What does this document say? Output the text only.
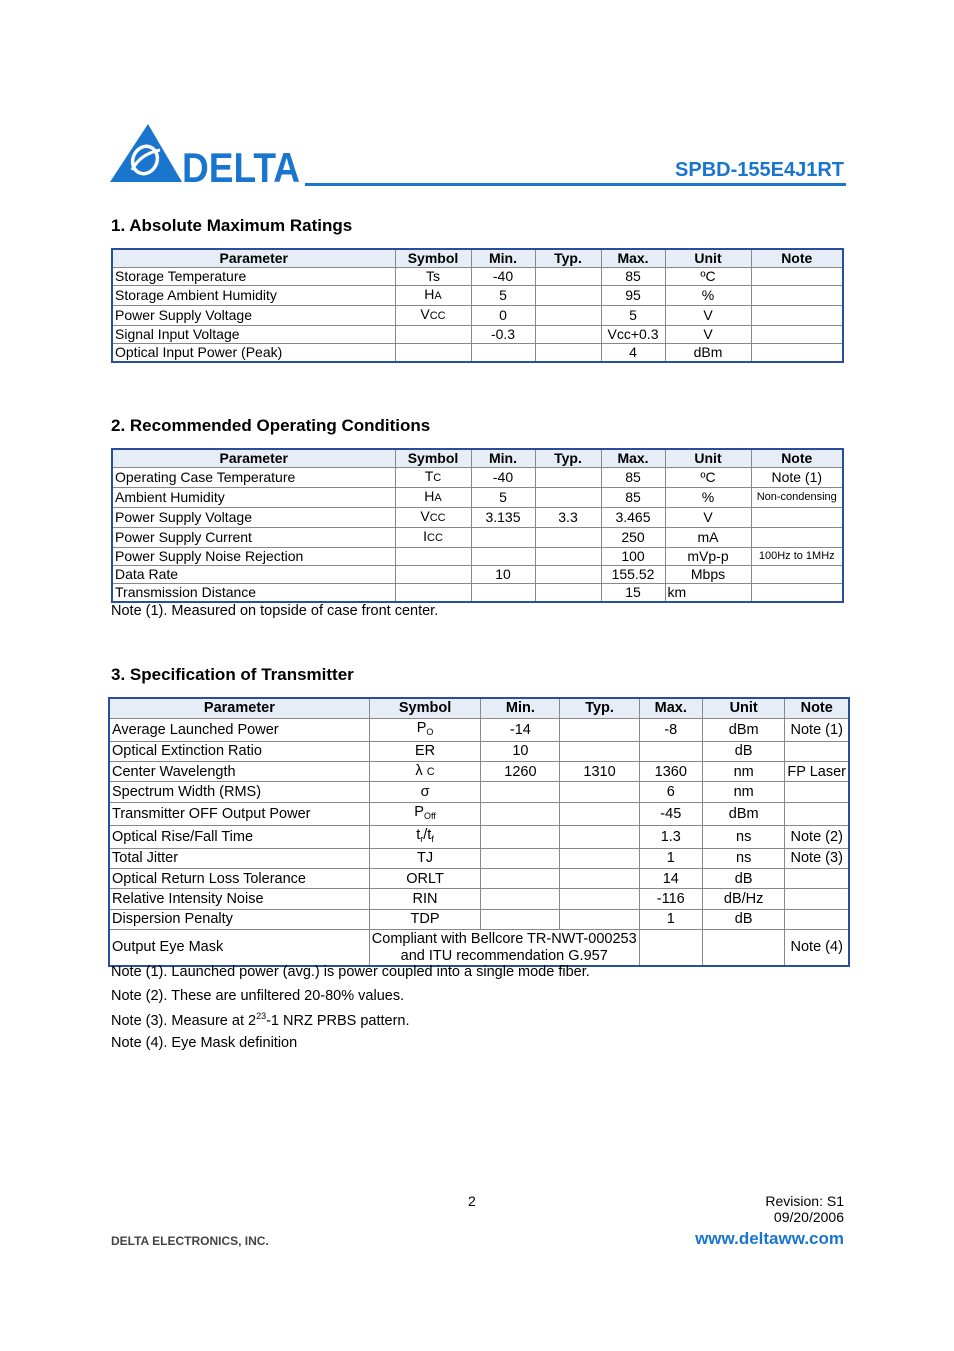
DELTA	SPBD-155E4J1RT
1. Absolute Maximum Ratings
Parameter	Symbol	Min.	Typ.	Max.	Unit	Note
Storage Temperature	Ts	-40		85	ºC	
Storage Ambient Humidity	HA	5		95	%	
Power Supply Voltage	VCC	0		5	V	
Signal Input Voltage		-0.3		Vcc+0.3	V	
Optical Input Power (Peak)				4	dBm	
2. Recommended Operating Conditions
Parameter	Symbol	Min.	Typ.	Max.	Unit	Note
Operating Case Temperature	TC	-40		85	ºC	Note (1)
Ambient Humidity	HA	5		85	%	Non-condensing
Power Supply Voltage	VCC	3.135	3.3	3.465	V	
Power Supply Current	ICC			250	mA	
Power Supply Noise Rejection				100	mVp-p	100Hz to 1MHz
Data Rate		10		155.52	Mbps	
Transmission Distance				15	km	
Note (1). Measured on topside of case front center.
3. Specification of Transmitter
Parameter	Symbol	Min.	Typ.	Max.	Unit	Note
Average Launched Power	$P_O$	-14		-8	dBm	Note (1)
Optical Extinction Ratio	ER	10			dB	
Center Wavelength	λ C	1260	1310	1360	nm	FP Laser
Spectrum Width (RMS)	σ			6	nm	
Transmitter OFF Output Power	$P_{Off}$			-45	dBm	
Optical Rise/Fall Time	$t_r/t_f$			1.3	ns	Note (2)
Total Jitter	TJ			1	ns	Note (3)
Optical Return Loss Tolerance	ORLT			14	dB	
Relative Intensity Noise	RIN			-116	dB/Hz	
Dispersion Penalty	TDP			1	dB	
Output Eye Mask	Compliant with Bellcore TR-NWT-000253
and ITU recommendation G.957					Note (4)
Note (1). Launched power (avg.) is power coupled into a single mode fiber.
Note (2). These are unfiltered 20-80% values.
Note (3). Measure at $2^{23}-1$ NRZ PRBS pattern.
Note (4). Eye Mask definition
2	Revision: S1
09/20/2006
DELTA ELECTRONICS, INC.	www.deltaww.com
